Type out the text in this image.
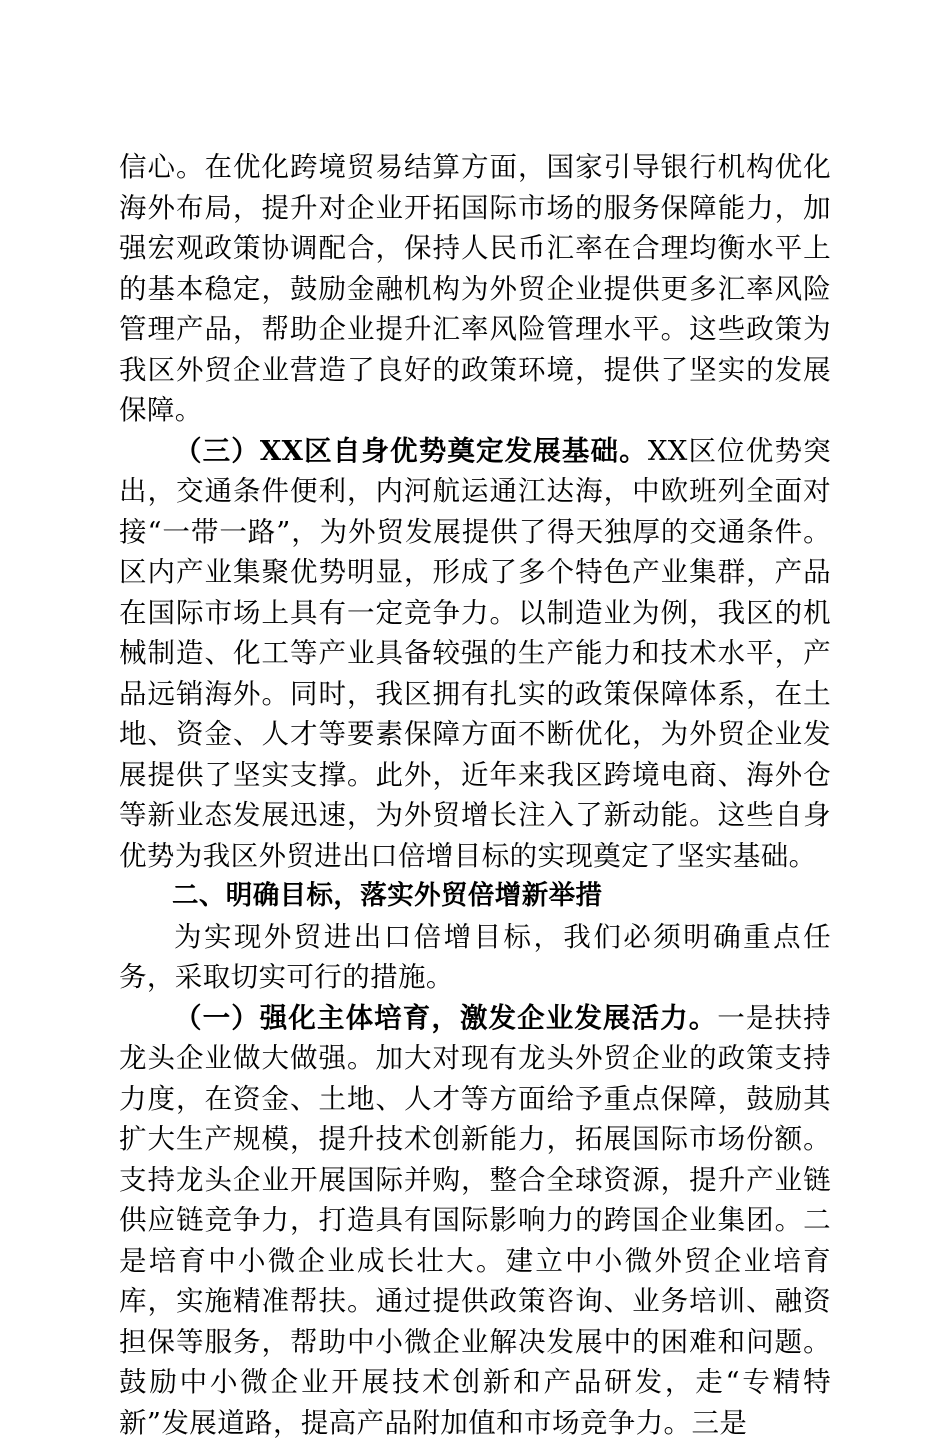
信心。在优化跨境贸易结算方面，国家引导银行机构优化海外布局，提升对企业开拓国际市场的服务保障能力，加强宏观政策协调配合，保持人民币汇率在合理均衡水平上的基本稳定，鼓励金融机构为外贸企业提供更多汇率风险管理产品，帮助企业提升汇率风险管理水平。这些政策为我区外贸企业营造了良好的政策环境，提供了坚实的发展保障。

（三）XX区自身优势奠定发展基础。XX区位优势突出，交通条件便利，内河航运通江达海，中欧班列全面对接“一带一路”，为外贸发展提供了得天独厚的交通条件。区内产业集聚优势明显，形成了多个特色产业集群，产品在国际市场上具有一定竞争力。以制造业为例，我区的机械制造、化工等产业具备较强的生产能力和技术水平，产品远销海外。同时，我区拥有扎实的政策保障体系，在土地、资金、人才等要素保障方面不断优化，为外贸企业发展提供了坚实支撑。此外，近年来我区跨境电商、海外仓等新业态发展迅速，为外贸增长注入了新动能。这些自身优势为我区外贸进出口倍增目标的实现奠定了坚实基础。

二、明确目标，落实外贸倍增新举措

为实现外贸进出口倍增目标，我们必须明确重点任务，采取切实可行的措施。

（一）强化主体培育，激发企业发展活力。一是扶持龙头企业做大做强。加大对现有龙头外贸企业的政策支持力度，在资金、土地、人才等方面给予重点保障，鼓励其扩大生产规模，提升技术创新能力，拓展国际市场份额。支持龙头企业开展国际并购，整合全球资源，提升产业链供应链竞争力，打造具有国际影响力的跨国企业集团。二是培育中小微企业成长壮大。建立中小微外贸企业培育库，实施精准帮扶。通过提供政策咨询、业务培训、融资担保等服务，帮助中小微企业解决发展中的困难和问题。鼓励中小微企业开展技术创新和产品研发，走“专精特新”发展道路，提高产品附加值和市场竞争力。三是
